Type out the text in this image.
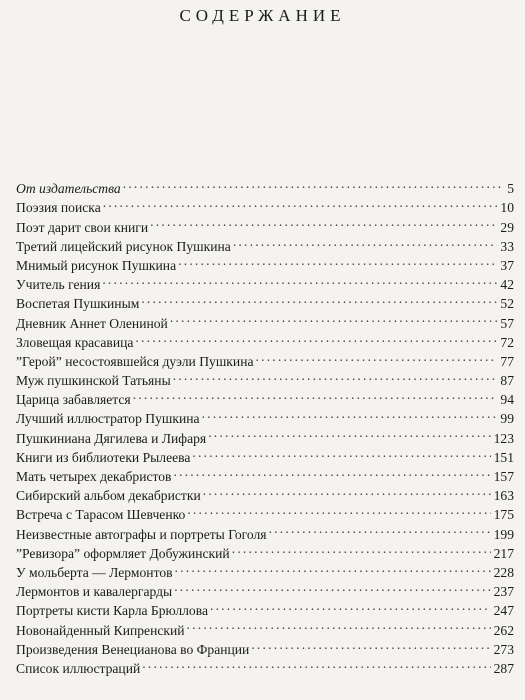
СОДЕРЖАНИЕ
От издательства . . .	5
Поэзия поиска . . .	10
Поэт дарит свои книги . . .	29
Третий лицейский рисунок Пушкина . . .	33
Мнимый рисунок Пушкина . . .	37
Учитель гения . . .	42
Воспетая Пушкиным . . .	52
Дневник Аннет Олениной . . .	57
Зловещая красавица . . .	72
”Герой” несостоявшейся дуэли Пушкина . . .	77
Муж пушкинской Татьяны . . .	87
Царица забавляется . . .	94
Лучший иллюстратор Пушкина . . .	99
Пушкиниана Дягилева и Лифаря . . .	123
Книги из библиотеки Рылеева . . .	151
Мать четырех декабристов . . .	157
Сибирский альбом декабристки . . .	163
Встреча с Тарасом Шевченко . . .	175
Неизвестные автографы и портреты Гоголя . . .	199
”Ревизора” оформляет Добужинский . . .	217
У мольберта — Лермонтов . . .	228
Лермонтов и кавалергарды . . .	237
Портреты кисти Карла Брюллова . . .	247
Новонайденный Кипренский . . .	262
Произведения Венецианова во Франции . . .	273
Список иллюстраций . . .	287
